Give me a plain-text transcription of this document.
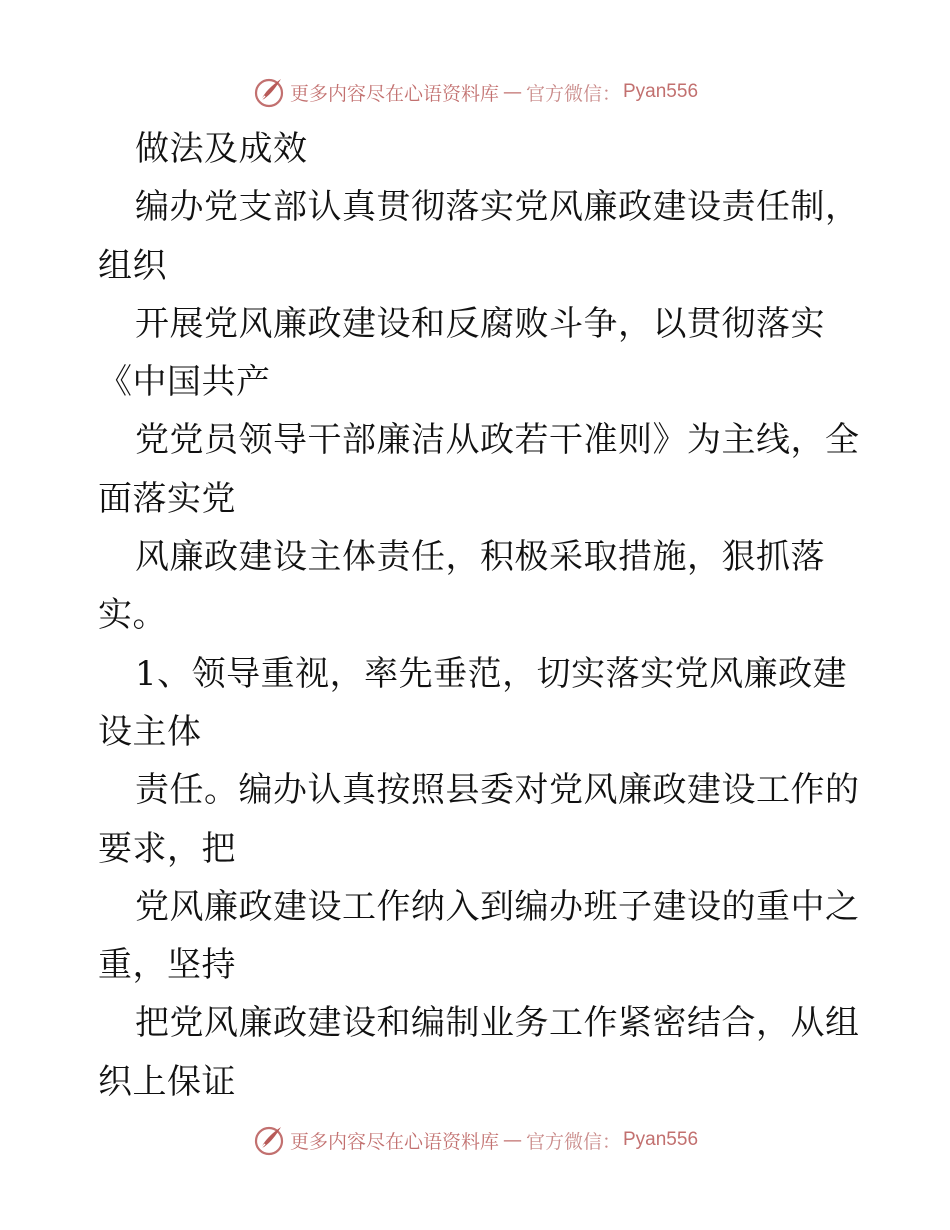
更多内容尽在心语资料库 — 官方微信： Pyan556
做法及成效
编办党支部认真贯彻落实党风廉政建设责任制，
组织
开展党风廉政建设和反腐败斗争，以贯彻落实
《中国共产
党党员领导干部廉洁从政若干准则》为主线，全
面落实党
风廉政建设主体责任，积极采取措施，狠抓落
实。
1、领导重视，率先垂范，切实落实党风廉政建
设主体
责任。编办认真按照县委对党风廉政建设工作的
要求，把
党风廉政建设工作纳入到编办班子建设的重中之
重，坚持
把党风廉政建设和编制业务工作紧密结合，从组
织上保证
更多内容尽在心语资料库 — 官方微信： Pyan556
